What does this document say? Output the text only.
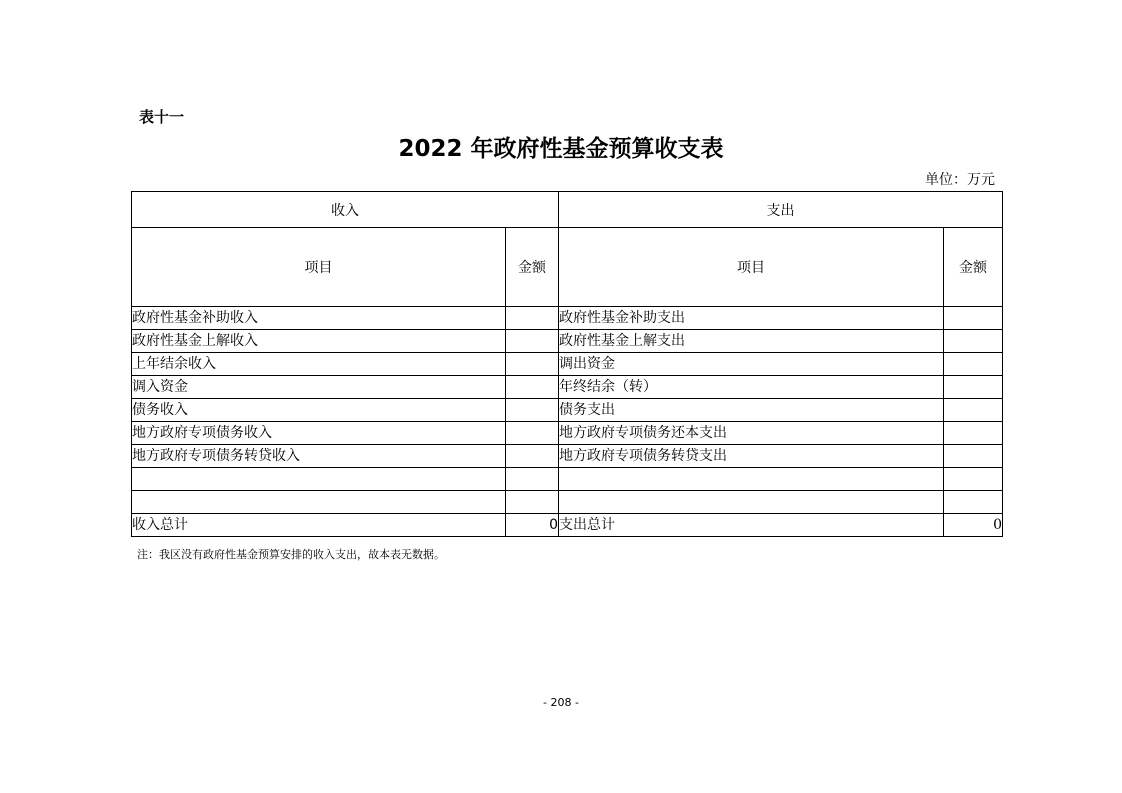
表十一
2022 年政府性基金预算收支表
单位：万元
收入		支出	
项目	金额	项目	金额
政府性基金补助收入		政府性基金补助支出	
政府性基金上解收入		政府性基金上解支出	
上年结余收入		调出资金	
调入资金		年终结余（转）	
债务收入		债务支出	
地方政府专项债务收入		地方政府专项债务还本支出	
地方政府专项债务转贷收入		地方政府专项债务转贷支出	

收入总计	0	支出总计	0
注：我区没有政府性基金预算安排的收入支出，故本表无数据。
- 208 -
